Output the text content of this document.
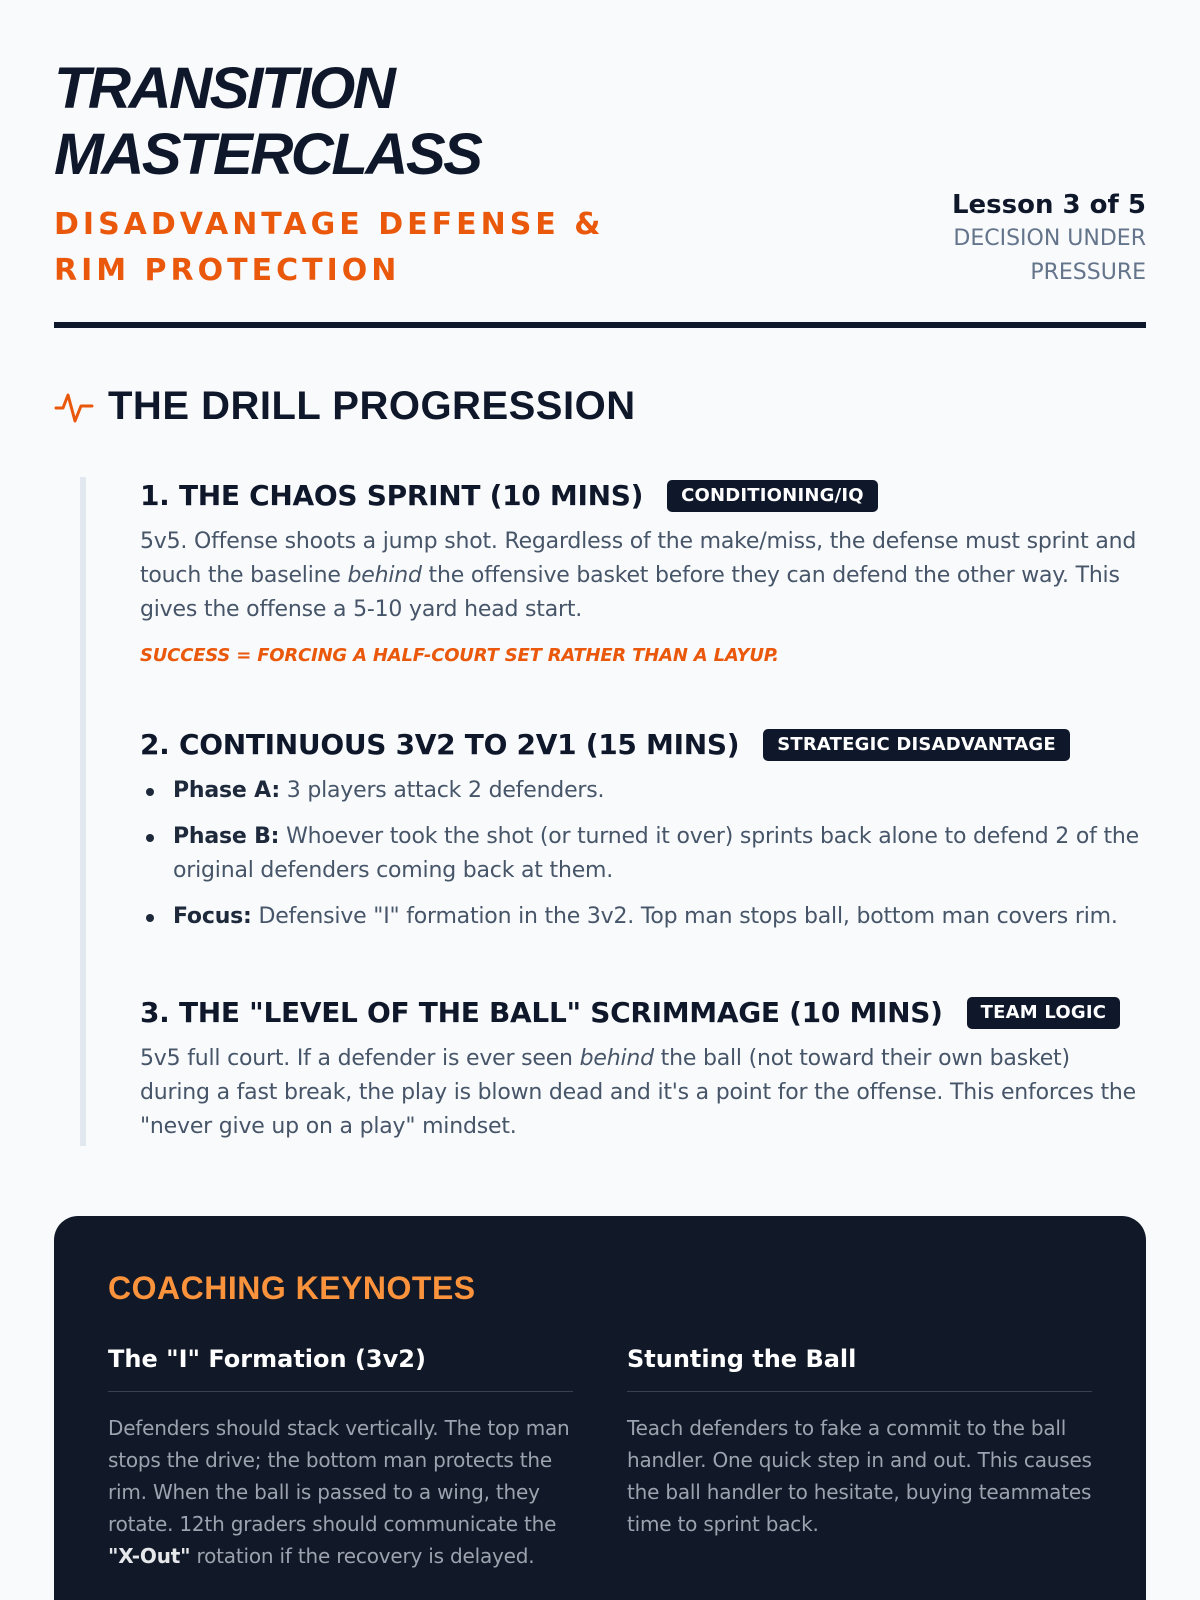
TRANSITION MASTERCLASS
DISADVANTAGE DEFENSE & RIM PROTECTION
Lesson 3 of 5
DECISION UNDER PRESSURE
THE DRILL PROGRESSION
1. THE CHAOS SPRINT (10 MINS)	CONDITIONING/IQ

5v5. Offense shoots a jump shot. Regardless of the make/miss, the defense must sprint and touch the baseline behind the offensive basket before they can defend the other way. This gives the offense a 5-10 yard head start.

SUCCESS = FORCING A HALF-COURT SET RATHER THAN A LAYUP.
2. CONTINUOUS 3V2 TO 2V1 (15 MINS)	STRATEGIC DISADVANTAGE
Phase A: 3 players attack 2 defenders.
Phase B: Whoever took the shot (or turned it over) sprints back alone to defend 2 of the original defenders coming back at them.
Focus: Defensive "I" formation in the 3v2. Top man stops ball, bottom man covers rim.
3. THE "LEVEL OF THE BALL" SCRIMMAGE (10 MINS)	TEAM LOGIC

5v5 full court. If a defender is ever seen behind the ball (not toward their own basket) during a fast break, the play is blown dead and it's a point for the offense. This enforces the "never give up on a play" mindset.

COACHING KEYNOTES
The "I" Formation (3v2)

Defenders should stack vertically. The top man stops the drive; the bottom man protects the rim. When the ball is passed to a wing, they rotate. 12th graders should communicate the "X-Out" rotation if the recovery is delayed.

Stunting the Ball

Teach defenders to fake a commit to the ball handler. One quick step in and out. This causes the ball handler to hesitate, buying teammates time to sprint back.
